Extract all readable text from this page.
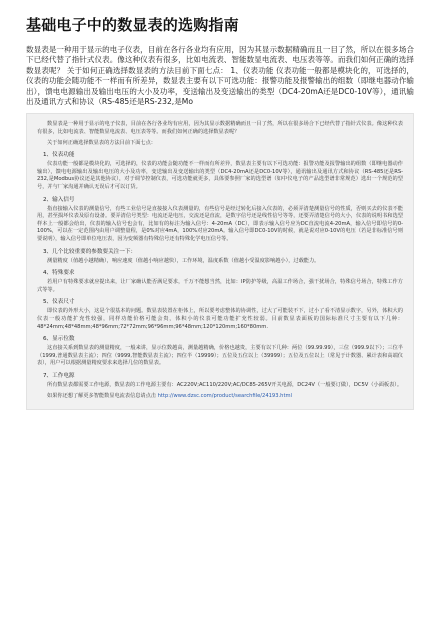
基础电子中的数显表的选购指南
数显表是一种用于显示的电子仪表，目前在各行各业均有应用，因为其显示数据精确而且一目了然，所以在很多场合下已经代替了指针式仪表。像这种仪表有很多，比如电流表、智能数显电流表、电压表等等。而我们如何正确的选择数显表呢？ 关于如何正确选择数显表的方法目前下面七点： 1、仪表功能 仪表功能一般都是模块化的，可选择的，仪表的功能会随功能不一样而有所差异，数显表主要有以下可选功能：报警功能及报警输出的组数（即继电器动作输出），馈电电源输出及输出电压的大小及功率，变送输出及变送输出的类型（DC4-20mA还是DC0-10V等），通讯输出及通讯方式和协议（RS-485还是RS-232,是Mo
数显表是一种用于显示的电子仪表，目前在各行各业均有应用，因为其显示数据精确而且一目了然，所以在很多场合下已经代替了指针式仪表。像这种仪表有很多，比如电流表、智能数显电流表、电压表等等。而我们如何正确的选择数显表呢？
关于如何正确选择数显表的方法目前下面七点：
1、仪表功能
仪表功能一般都是模块化的，可选择的，仪表的功能会随功能不一样而有所差异，数显表主要有以下可选功能：报警功能及报警输出的组数（即继电器动作输出），馈电电源输出及输出电压的大小及功率，变送输出及变送输出的类型（DC4-20mA还是DC0-10V等），通讯输出及通讯方式和协议（RS-485还是RS-232,是Modbus协议还是其他协议），对于调节控制仪表，可选功能就更多，具体要参照厂家的选型谱（如中仪电子的产品选型谱非常规范）选出一个规范的型号，并与厂家沟通并确认无误后才可以订货。
2、输入信号
指直接输入仪表的测量信号，有些工业信号是直接接入仪表测量的，有些信号是经过转化后接入仪表的，必须弄清楚测量信号的性质，否则买去的仪表不能用，甚至损坏仪表及原有设备。要弄清信号类型：电流还是电压，交流还是直流，是数字信号还是线性信号等等，还要弄清楚信号的大小，仪表的说明书和选型样本上一般都会给出，仪表的输入信号也会有，比如有的标注为输入信号：4-20mA（DC），即表示输入信号应为DC直流电流4-20mA，输入信号即信号的0-100%，可以在一定范围内由用户调整量程，是0%对应4mA，100%对应20mA。输入信号即DC0-10V的时候，就是说对应0-10V的电压（若是非标准信号则要说明），输入信号即单位电压表，因为变频器有特殊信号还有特殊化学电压信号等。
3、几个比较重要的参数要关注一下：
测量精度（值越小越精确），响应速度（值越小响应越快），工作环境，温度系数（值越小受温度影响越小），过载能力。
4、特殊要求
若用户有特殊要求就应提出来，让厂家确认能否满足要求，千万不能想当然，比如：IP防护等级，高温工作场合，强干扰场合，特殊信号场合，特殊工作方式等等。
5、仪表尺寸
即仪表的外形大小，这是个很基本的问题。数显表装置在柜体上，所以要考虑整体的协调性，过大了可能装不下，过小了看不清显示数字，另外，体积大的仪表一般功能扩充性较强，同样功能价格可能会贵，体积小的仪表可能功能扩充性较弱。目前数显表面板的国际标准尺寸主要有以下几种：48*24mm;48*48mm;48*96mm;72*72mm;96*96mm;96*48mm;120*120mm;160*80mm.
6、显示位数
这直接关系到数显表的测量精度，一般来讲，显示位数越高，测量越精确，价格也越贵，主要有以下几种：两位（99.99.99），三位（999.9以下）；三位半（1999,普通数显表主流）；四位（9999,智能数显表主流）；四位半（19999）；五位及五位以上（39999）；五位及五位以上（常见于计数器、累计表和高端仪表），用户可以根据测量精度要求来选择几位的数显表。
7、工作电源
所有数显表都需要工作电源，数显表的工作电源主要有：AC220V;AC110/220V;AC/DC85-265V开关电源，DC24V（一般要订做），DC5V（小面板表）。
如果你还想了解更多智能数显电流表信息请点击 http://www.dzsc.com/product/searchfile/24193.html
